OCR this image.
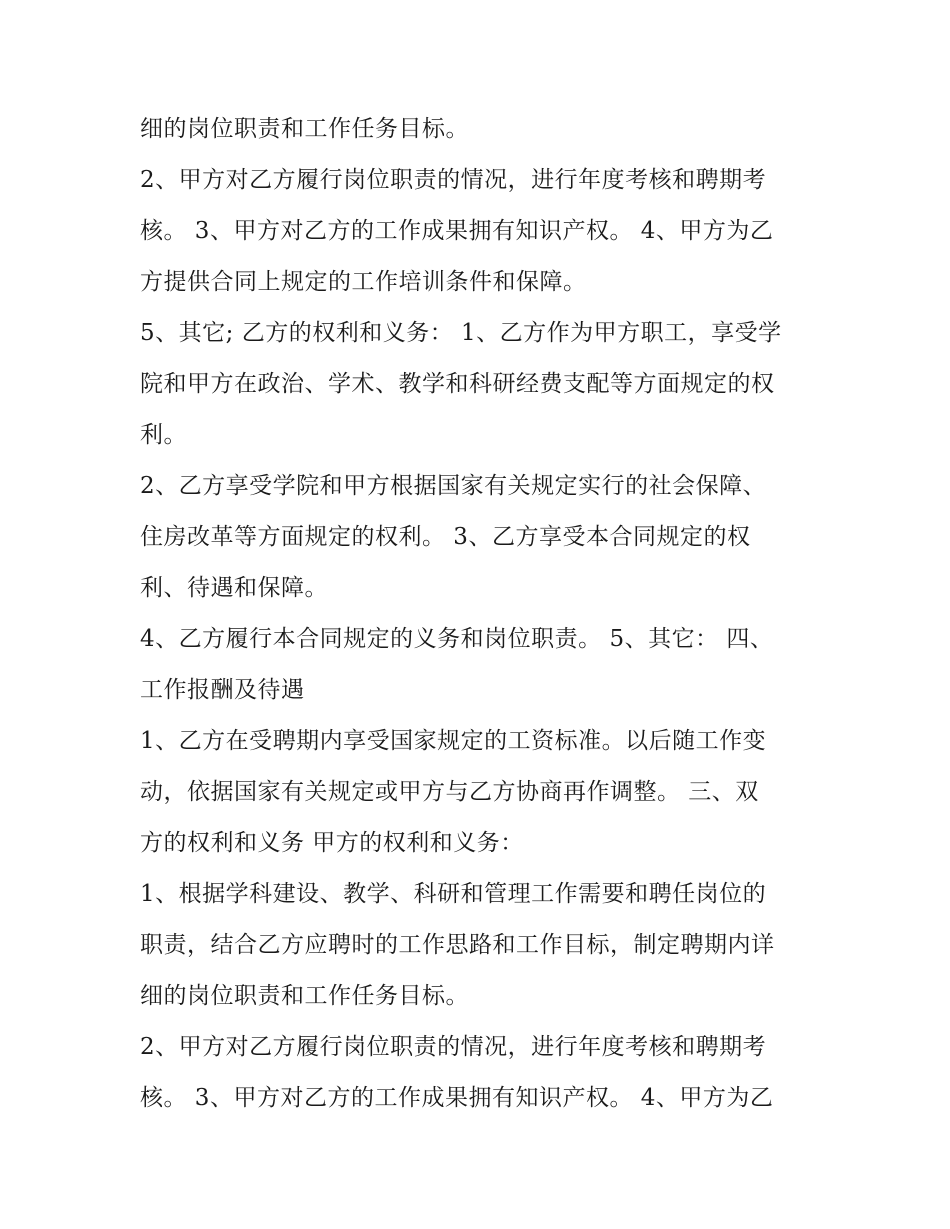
细的岗位职责和工作任务目标。
2、甲方对乙方履行岗位职责的情况，进行年度考核和聘期考
核。 3、甲方对乙方的工作成果拥有知识产权。 4、甲方为乙
方提供合同上规定的工作培训条件和保障。
5、其它; 乙方的权利和义务： 1、乙方作为甲方职工，享受学
院和甲方在政治、学术、教学和科研经费支配等方面规定的权
利。
2、乙方享受学院和甲方根据国家有关规定实行的社会保障、
住房改革等方面规定的权利。 3、乙方享受本合同规定的权
利、待遇和保障。
4、乙方履行本合同规定的义务和岗位职责。 5、其它： 四、
工作报酬及待遇
1、乙方在受聘期内享受国家规定的工资标准。以后随工作变
动，依据国家有关规定或甲方与乙方协商再作调整。 三、双
方的权利和义务 甲方的权利和义务：
1、根据学科建设、教学、科研和管理工作需要和聘任岗位的
职责，结合乙方应聘时的工作思路和工作目标，制定聘期内详
细的岗位职责和工作任务目标。
2、甲方对乙方履行岗位职责的情况，进行年度考核和聘期考
核。 3、甲方对乙方的工作成果拥有知识产权。 4、甲方为乙
